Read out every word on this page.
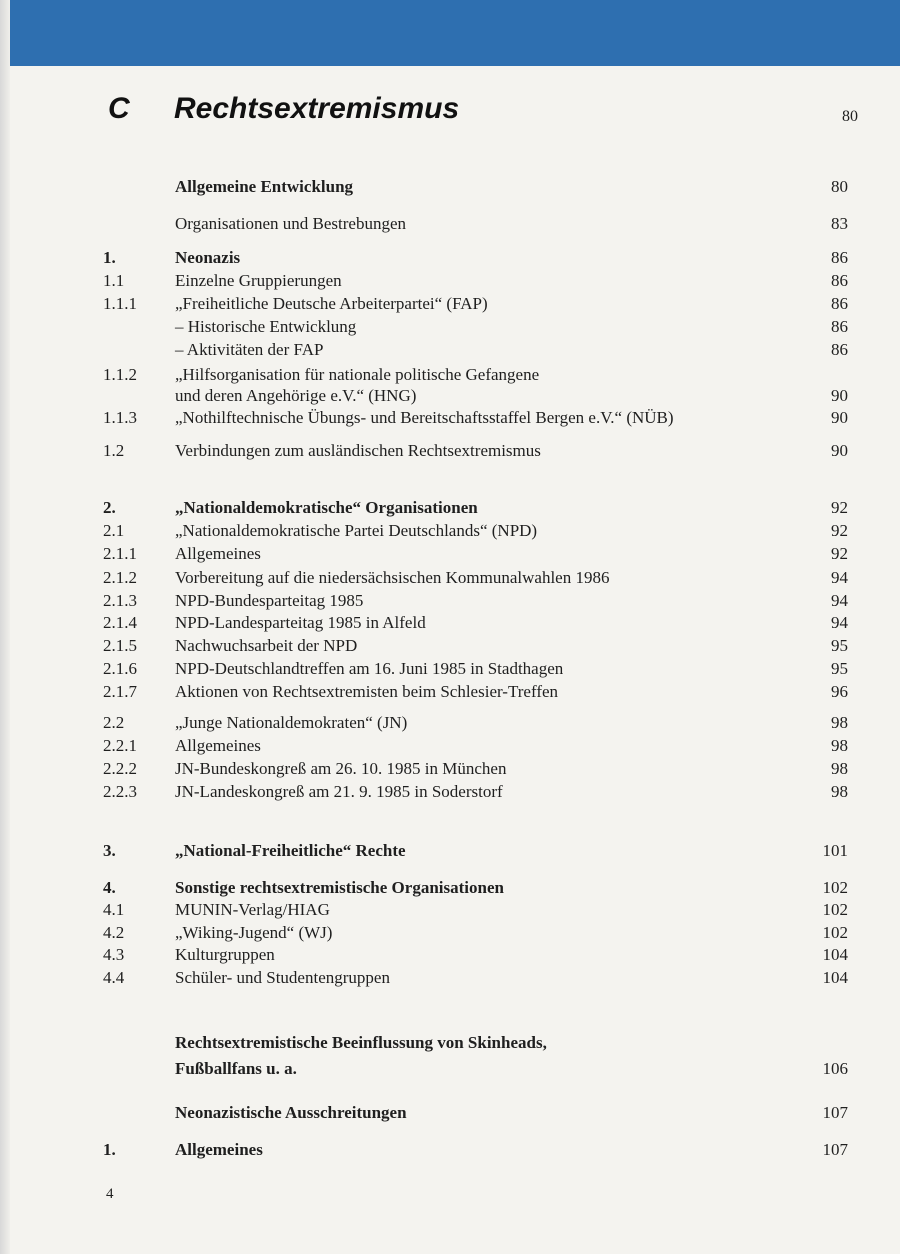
C Rechtsextremismus	80
Allgemeine Entwicklung	80
Organisationen und Bestrebungen	83
1.	Neonazis	86
1.1	Einzelne Gruppierungen	86
1.1.1 „Freiheitliche Deutsche Arbeiterpartei“ (FAP)	86
– Historische Entwicklung	86
– Aktivitäten der FAP	86
1.1.2 „Hilfsorganisation für nationale politische Gefangene
und deren Angehörige e.V.“ (HNG)	90
1.1.3 „Nothilftechnische Übungs- und Bereitschaftsstaffel Bergen e.V.“ (NÜB)	90
1.2	Verbindungen zum ausländischen Rechtsextremismus	90
2.	„Nationaldemokratische“ Organisationen	92
2.1	„Nationaldemokratische Partei Deutschlands“ (NPD)	92
2.1.1 Allgemeines	92
2.1.2 Vorbereitung auf die niedersächsischen Kommunalwahlen 1986	94
2.1.3 NPD-Bundesparteitag 1985	94
2.1.4 NPD-Landesparteitag 1985 in Alfeld	94
2.1.5 Nachwuchsarbeit der NPD	95
2.1.6 NPD-Deutschlandtreffen am 16. Juni 1985 in Stadthagen	95
2.1.7 Aktionen von Rechtsextremisten beim Schlesier-Treffen	96
2.2	„Junge Nationaldemokraten“ (JN)	98
2.2.1 Allgemeines	98
2.2.2 JN-Bundeskongreß am 26. 10. 1985 in München	98
2.2.3 JN-Landeskongreß am 21. 9. 1985 in Soderstorf	98
3.	„National-Freiheitliche“ Rechte	101
4.	Sonstige rechtsextremistische Organisationen	102
4.1	MUNIN-Verlag/HIAG	102
4.2	„Wiking-Jugend“ (WJ)	102
4.3	Kulturgruppen	104
4.4	Schüler- und Studentengruppen	104
Rechtsextremistische Beeinflussung von Skinheads,
Fußballfans u. a.	106
Neonazistische Ausschreitungen	107
1.	Allgemeines	107
4
